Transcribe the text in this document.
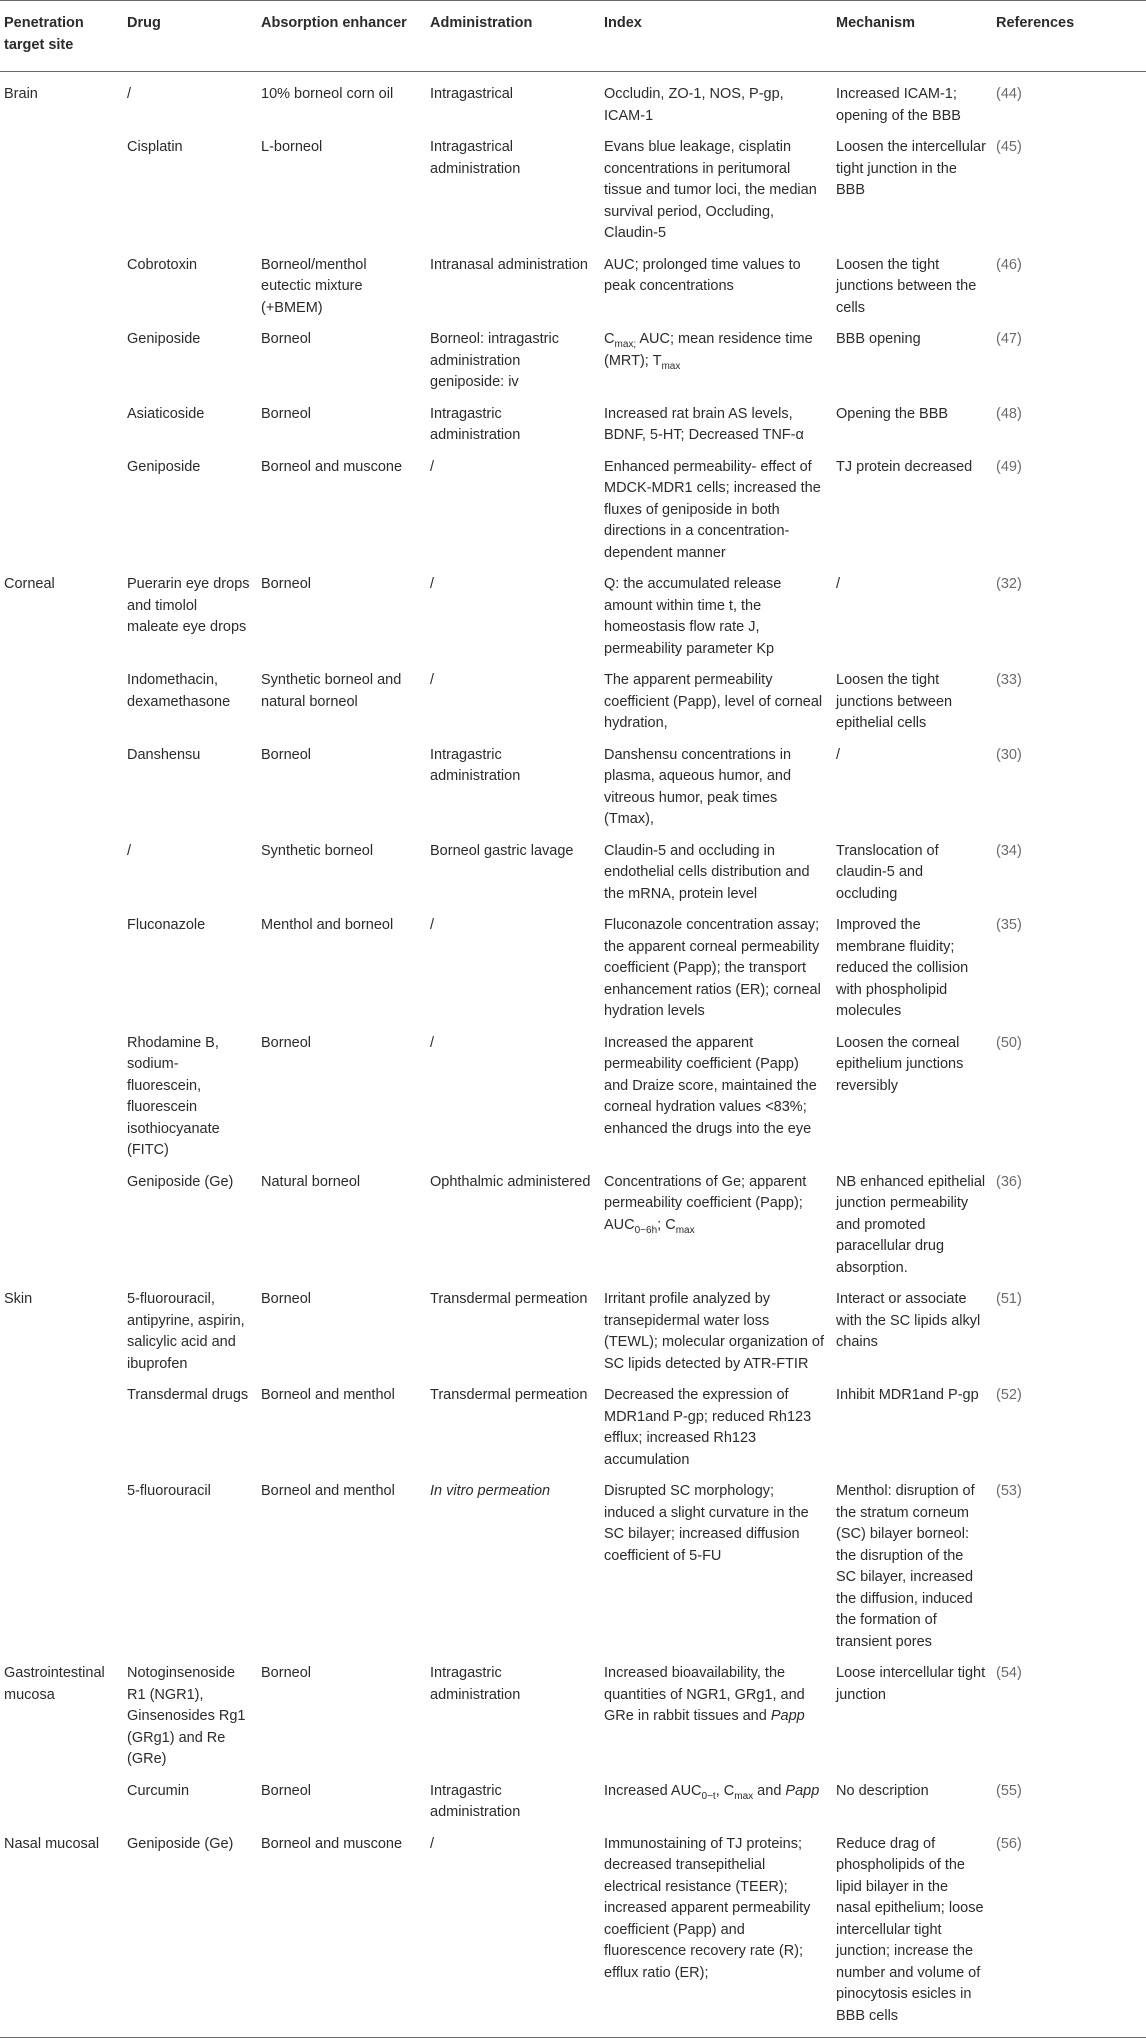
Penetration target site	Drug	Absorption enhancer	Administration	Index	Mechanism	References
Brain	/	10% borneol corn oil	Intragastrical	Occludin, ZO-1, NOS, P-gp, ICAM-1	Increased ICAM-1; opening of the BBB	(44)
	Cisplatin	L-borneol	Intragastrical administration	Evans blue leakage, cisplatin concentrations in peritumoral tissue and tumor loci, the median survival period, Occluding, Claudin-5	Loosen the intercellular tight junction in the BBB	(45)
	Cobrotoxin	Borneol/menthol eutectic mixture (+BMEM)	Intranasal administration	AUC; prolonged time values to peak concentrations	Loosen the tight junctions between the cells	(46)
	Geniposide	Borneol	Borneol: intragastric administration geniposide: iv	$C_{max;}$ AUC; mean residence time (MRT); $T_{max}$	BBB opening	(47)
	Asiaticoside	Borneol	Intragastric administration	Increased rat brain AS levels, BDNF, 5-HT; Decreased TNF-α	Opening the BBB	(48)
	Geniposide	Borneol and muscone	/	Enhanced permeability- effect of MDCK-MDR1 cells; increased the fluxes of geniposide in both directions in a concentration-dependent manner	TJ protein decreased	(49)
Corneal	Puerarin eye drops and timolol maleate eye drops	Borneol	/	Q: the accumulated release amount within time t, the homeostasis flow rate J, permeability parameter Kp	/	(32)
	Indomethacin, dexamethasone	Synthetic borneol and natural borneol	/	The apparent permeability coefficient (Papp), level of corneal hydration,	Loosen the tight junctions between epithelial cells	(33)
	Danshensu	Borneol	Intragastric administration	Danshensu concentrations in plasma, aqueous humor, and vitreous humor, peak times (Tmax),	/	(30)
	/	Synthetic borneol	Borneol gastric lavage	Claudin-5 and occluding in endothelial cells distribution and the mRNA, protein level	Translocation of claudin-5 and occluding	(34)
	Fluconazole	Menthol and borneol	/	Fluconazole concentration assay; the apparent corneal permeability coefficient (Papp); the transport enhancement ratios (ER); corneal hydration levels	Improved the membrane fluidity; reduced the collision with phospholipid molecules	(35)
	Rhodamine B, sodium-fluorescein, fluorescein isothiocyanate (FITC)	Borneol	/	Increased the apparent permeability coefficient (Papp) and Draize score, maintained the corneal hydration values <83%; enhanced the drugs into the eye	Loosen the corneal epithelium junctions reversibly	(50)
	Geniposide (Ge)	Natural borneol	Ophthalmic administered	Concentrations of Ge; apparent permeability coefficient (Papp); $AUC_{0-6h}$; $C_{max}$	NB enhanced epithelial junction permeability and promoted paracellular drug absorption.	(36)
Skin	5-fluorouracil, antipyrine, aspirin, salicylic acid and ibuprofen	Borneol	Transdermal permeation	Irritant profile analyzed by transepidermal water loss (TEWL); molecular organization of SC lipids detected by ATR-FTIR	Interact or associate with the SC lipids alkyl chains	(51)
	Transdermal drugs	Borneol and menthol	Transdermal permeation	Decreased the expression of MDR1and P-gp; reduced Rh123 efflux; increased Rh123 accumulation	Inhibit MDR1and P-gp	(52)
	5-fluorouracil	Borneol and menthol	In vitro permeation	Disrupted SC morphology; induced a slight curvature in the SC bilayer; increased diffusion coefficient of 5-FU	Menthol: disruption of the stratum corneum (SC) bilayer borneol: the disruption of the SC bilayer, increased the diffusion, induced the formation of transient pores	(53)
Gastrointestinal mucosa	Notoginsenoside R1 (NGR1), Ginsenosides Rg1 (GRg1) and Re (GRe)	Borneol	Intragastric administration	Increased bioavailability, the quantities of NGR1, GRg1, and GRe in rabbit tissues and Papp	Loose intercellular tight junction	(54)
	Curcumin	Borneol	Intragastric administration	Increased $AUC_{0-t}$, $C_{max}$ and Papp	No description	(55)
Nasal mucosal	Geniposide (Ge)	Borneol and muscone	/	Immunostaining of TJ proteins; decreased transepithelial electrical resistance (TEER); increased apparent permeability coefficient (Papp) and fluorescence recovery rate (R); efflux ratio (ER);	Reduce drag of phospholipids of the lipid bilayer in the nasal epithelium; loose intercellular tight junction; increase the number and volume of pinocytosis esicles in BBB cells	(56)
